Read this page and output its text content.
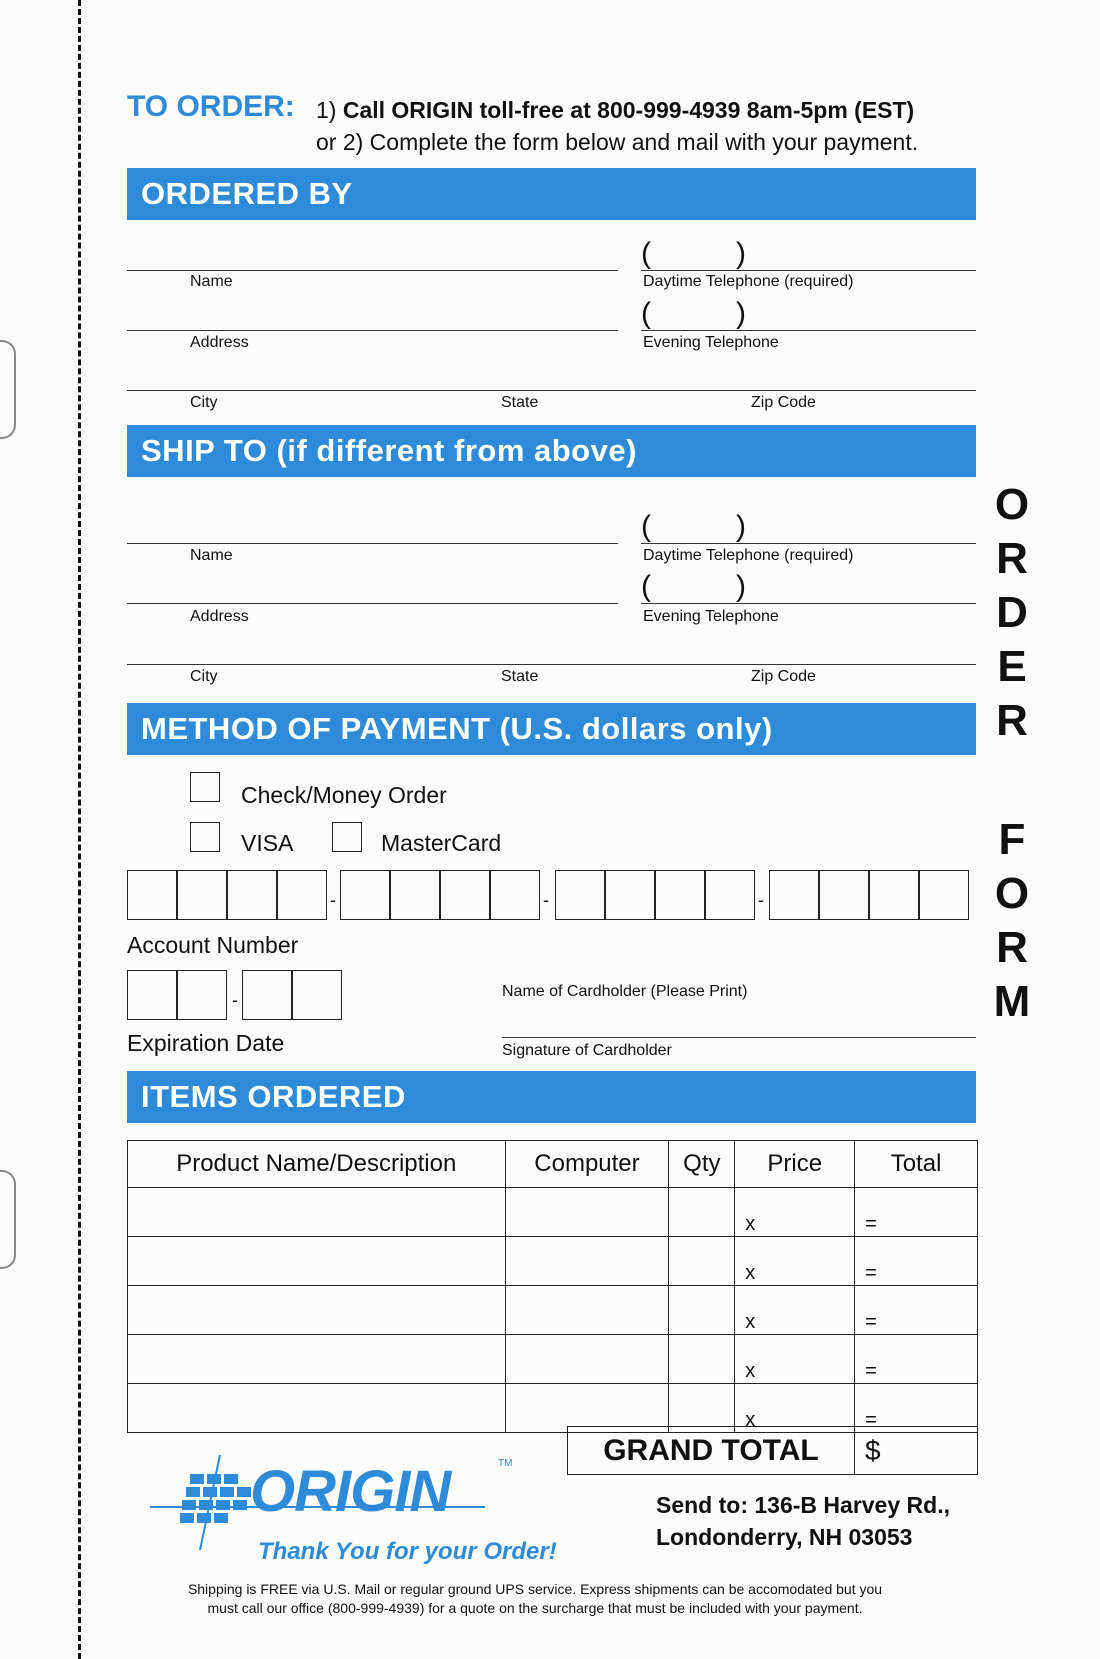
TO ORDER: 1) Call ORIGIN toll-free at 800-999-4939 8am-5pm (EST)
or 2) Complete the form below and mail with your payment.
ORDERED BY
(	)
Name	Daytime Telephone (required)
(	)
Address	Evening Telephone
City	State	Zip Code
SHIP TO (if different from above)
(	)
Name	Daytime Telephone (required)
(	)
Address	Evening Telephone
City	State	Zip Code
METHOD OF PAYMENT (U.S. dollars only)
Check/Money Order
VISA	MasterCard
-	-	-
Account Number
-
Expiration Date
Name of Cardholder (Please Print)
Signature of Cardholder
ITEMS ORDERED
Product Name/Description	Computer	Qty	Price	Total
			x	=
			x	=
			x	=
			x	=
			x	=
GRAND TOTAL	$
O
R
D
E
R
F
O
R
M
ORIGIN	TM
Thank You for your Order!
Send to: 136-B Harvey Rd.,
Londonderry, NH 03053
Shipping is FREE via U.S. Mail or regular ground UPS service. Express shipments can be accomodated but you
must call our office (800-999-4939) for a quote on the surcharge that must be included with your payment.
